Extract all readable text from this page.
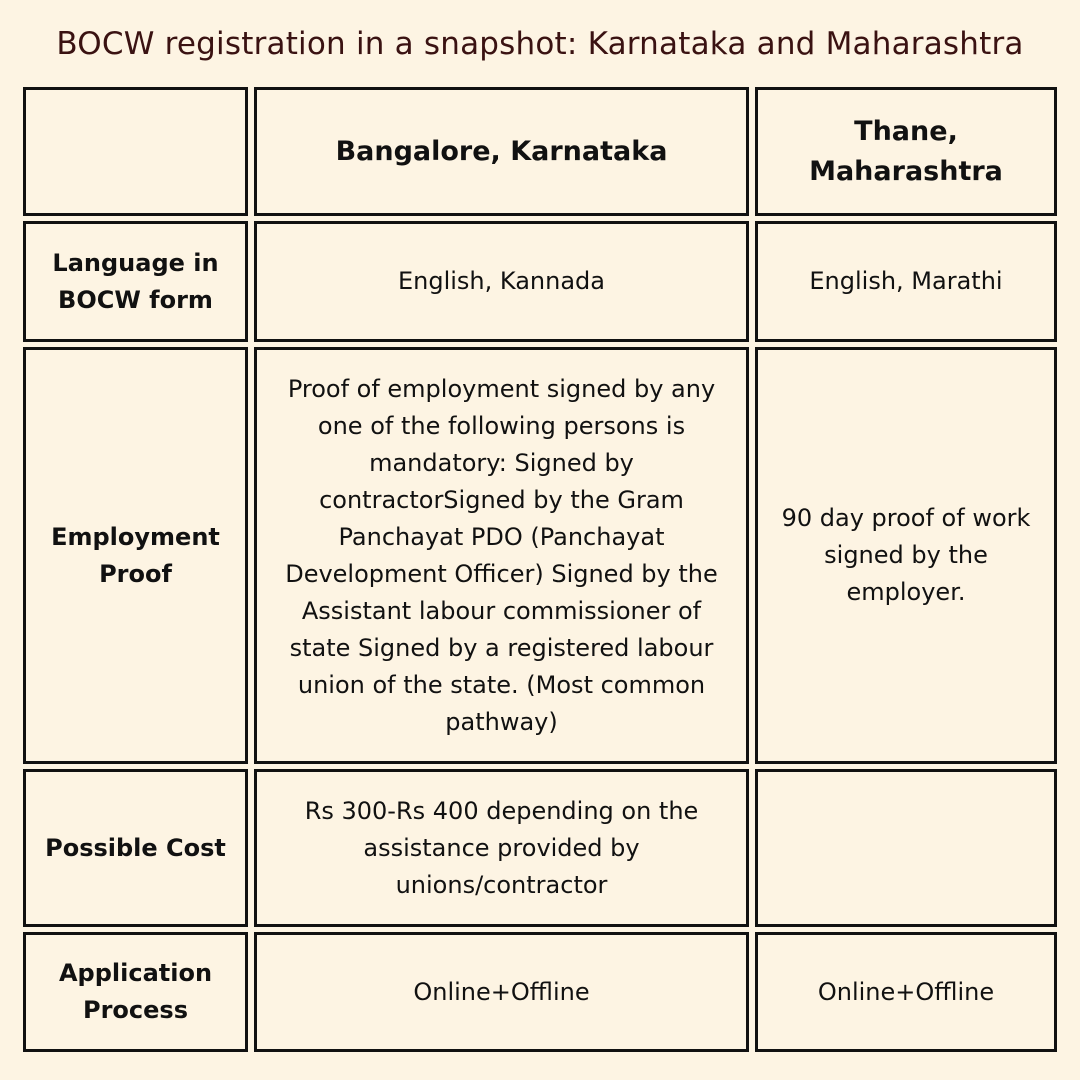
BOCW registration in a snapshot: Karnataka and Maharashtra
Bangalore, Karnataka
Thane, Maharashtra
Language in BOCW form
English, Kannada	English, Marathi
Employment Proof
Proof of employment signed by any one of the following persons is mandatory: Signed by contractorSigned by the Gram Panchayat PDO (Panchayat Development Officer) Signed by the Assistant labour commissioner of state Signed by a registered labour union of the state. (Most common pathway)
90 day proof of work signed by the employer.
Possible Cost
Rs 300-Rs 400 depending on the assistance provided by unions/contractor
Application Process
Online+Offline	Online+Offline
